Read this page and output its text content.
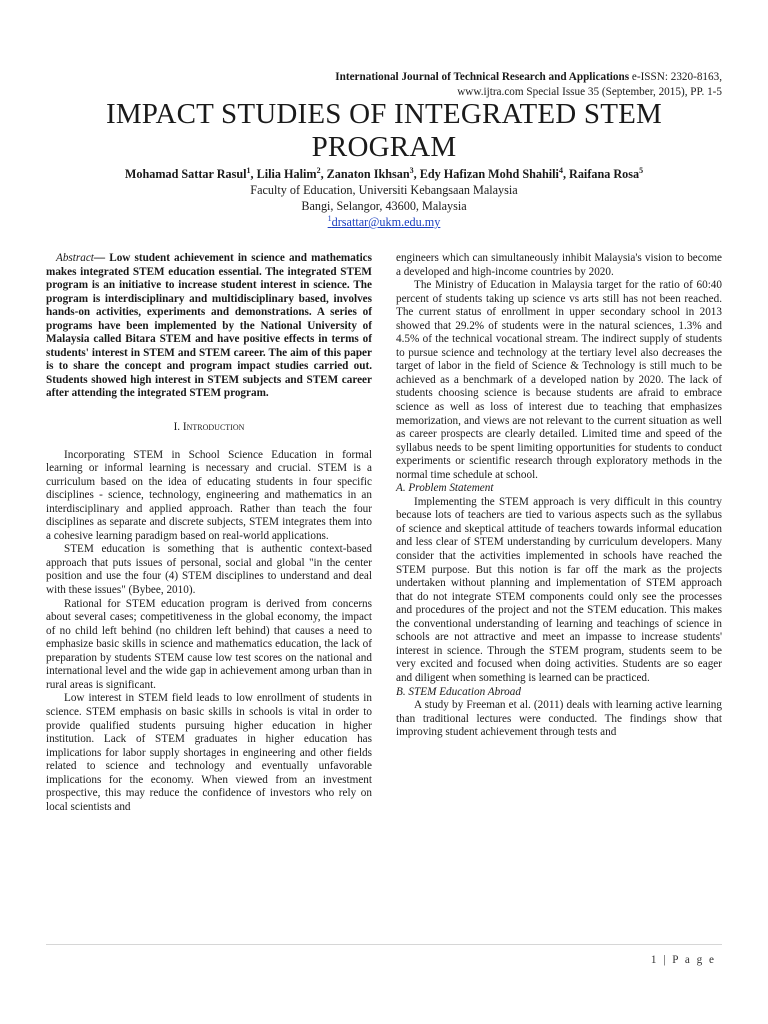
International Journal of Technical Research and Applications e-ISSN: 2320-8163,
www.ijtra.com Special Issue 35 (September, 2015), PP. 1-5
IMPACT STUDIES OF INTEGRATED STEM
PROGRAM
Mohamad Sattar Rasul$^1$, Lilia Halim$^2$, Zanaton Ikhsan$^3$, Edy Hafizan Mohd Shahili$^4$, Raifana Rosa$^5$
Faculty of Education, Universiti Kebangsaan Malaysia
Bangi, Selangor, 43600, Malaysia
$^1$drsattar@ukm.edu.my

Abstract— Low student achievement in science and mathematics makes integrated STEM education essential. The integrated STEM program is an initiative to increase student interest in science. The program is interdisciplinary and multidisciplinary based, involves hands-on activities, experiments and demonstrations. A series of programs have been implemented by the National University of Malaysia called Bitara STEM and have positive effects in terms of students' interest in STEM and STEM career. The aim of this paper is to share the concept and program impact studies carried out. Students showed high interest in STEM subjects and STEM career after attending the integrated STEM program.

I. Introduction

Incorporating STEM in School Science Education in formal learning or informal learning is necessary and crucial. STEM is a curriculum based on the idea of educating students in four specific disciplines - science, technology, engineering and mathematics in an interdisciplinary and applied approach. Rather than teach the four disciplines as separate and discrete subjects, STEM integrates them into a cohesive learning paradigm based on real-world applications.

STEM education is something that is authentic context-based approach that puts issues of personal, social and global "in the center position and use the four (4) STEM disciplines to understand and deal with these issues" (Bybee, 2010).

Rational for STEM education program is derived from concerns about several cases; competitiveness in the global economy, the impact of no child left behind (no children left behind) that causes a need to emphasize basic skills in science and mathematics education, the lack of preparation by students STEM cause low test scores on the national and international level and the wide gap in achievement among urban than in rural areas is significant.

Low interest in STEM field leads to low enrollment of students in science. STEM emphasis on basic skills in schools is vital in order to provide qualified students pursuing higher education in higher institution. Lack of STEM graduates in higher education has implications for labor supply shortages in engineering and other fields related to science and technology and eventually unfavorable implications for the economy. When viewed from an investment prospective, this may reduce the confidence of investors who rely on local scientists and

engineers which can simultaneously inhibit Malaysia's vision to become a developed and high-income countries by 2020.

The Ministry of Education in Malaysia target for the ratio of 60:40 percent of students taking up science vs arts still has not been reached. The current status of enrollment in upper secondary school in 2013 showed that 29.2% of students were in the natural sciences, 1.3% and 4.5% of the technical vocational stream. The indirect supply of students to pursue science and technology at the tertiary level also decreases the target of labor in the field of Science & Technology is still much to be achieved as a benchmark of a developed nation by 2020. The lack of students choosing science is because students are afraid to embrace science as well as loss of interest due to teaching that emphasizes memorization, and views are not relevant to the current situation as well as career prospects are clearly detailed. Limited time and speed of the syllabus needs to be spent limiting opportunities for students to conduct experiments or scientific research through exploratory methods in the normal time schedule at school.

A. Problem Statement

Implementing the STEM approach is very difficult in this country because lots of teachers are tied to various aspects such as the syllabus of science and skeptical attitude of teachers towards informal education and less clear of STEM understanding by curriculum developers. Many consider that the activities implemented in schools have reached the STEM purpose. But this notion is far off the mark as the projects undertaken without planning and implementation of STEM approach that do not integrate STEM components could only see the processes and procedures of the project and not the STEM education. This makes the conventional understanding of learning and teachings of science in schools are not attractive and meet an impasse to increase students' interest in science. Through the STEM program, students seem to be very excited and focused when doing activities. Students are so eager and diligent when something is learned can be practiced.

B. STEM Education Abroad

A study by Freeman et al. (2011) deals with learning active learning than traditional lectures were conducted. The findings show that improving student achievement through tests and

1 | P a g e
